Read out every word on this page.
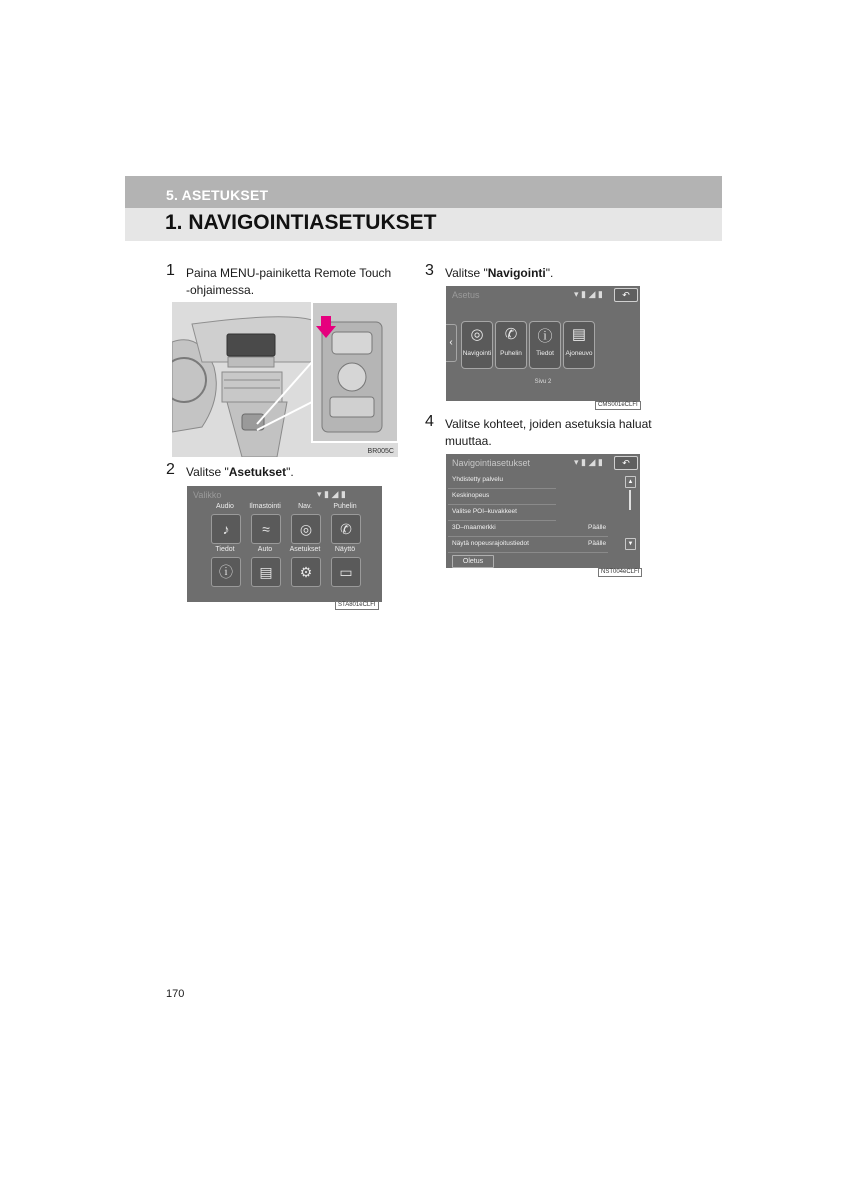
5. ASETUKSET
1. NAVIGOINTIASETUKSET
1 Paina MENU-painiketta Remote Touch
-ohjaimessa.
BR005C
2 Valitse "Asetukset".
Valikko	▾ ▮ ◢ ▮
Audio	Ilmastointi	Nav.	Puhelin
♪	≈	◎	✆
Tiedot	Auto	Asetukset	Näyttö
ⓘ	▤	⚙	▭
STA801eCLFI
3 Valitse "Navigointi".
Asetus	▾ ▮ ◢ ▮	↶
‹	◎
Navigointi
✆
Puhelin
ⓘ
Tiedot
▤
Ajoneuvo
Sivu 2
CMS001eCLFI
4 Valitse kohteet, joiden asetuksia haluat
muuttaa.
Navigointiasetukset	▾ ▮ ◢ ▮	↶
Yhdistetty palvelu
Keskinopeus
Valitse POI–kuvakkeet
3D–maamerkki	Päälle
Näytä nopeusrajoitustiedot	Päälle
▲
▼
Oletus
NST004eCLFI
170
